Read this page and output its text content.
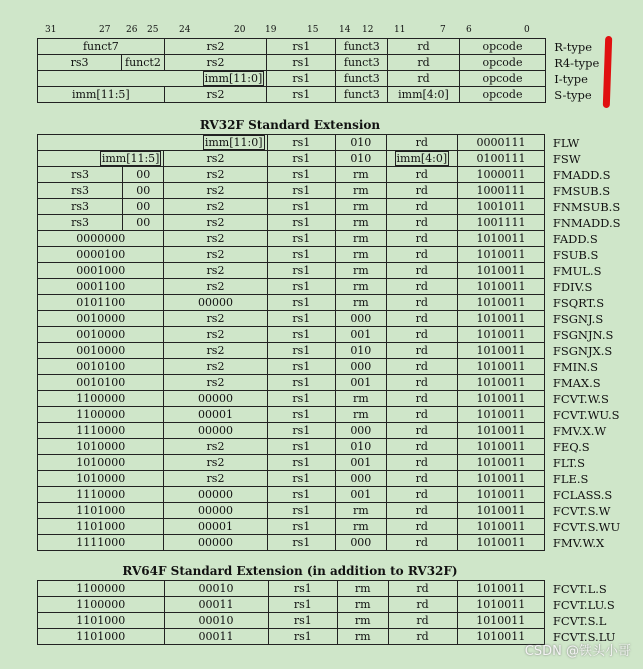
31	27 26 25 24	20 19	15 14 12 11	7 6	0
funct7		rs2	rs1	funct3	rd	opcode	R-type
rs3	funct2	rs2	rs1	funct3	rd	opcode	R4-type
imm[11:0]			rs1	funct3	rd	opcode	I-type
imm[11:5]		rs2	rs1	funct3	imm[4:0]	opcode	S-type
RV32F Standard Extension
imm[11:0]			rs1	010	rd	0000111	FLW
imm[11:5]		rs2	rs1	010	imm[4:0]	0100111	FSW
rs3	00	rs2	rs1	rm	rd	1000011	FMADD.S
rs3	00	rs2	rs1	rm	rd	1000111	FMSUB.S
rs3	00	rs2	rs1	rm	rd	1001011	FNMSUB.S
rs3	00	rs2	rs1	rm	rd	1001111	FNMADD.S
0000000		rs2	rs1	rm	rd	1010011	FADD.S
0000100		rs2	rs1	rm	rd	1010011	FSUB.S
0001000		rs2	rs1	rm	rd	1010011	FMUL.S
0001100		rs2	rs1	rm	rd	1010011	FDIV.S
0101100		00000	rs1	rm	rd	1010011	FSQRT.S
0010000		rs2	rs1	000	rd	1010011	FSGNJ.S
0010000		rs2	rs1	001	rd	1010011	FSGNJN.S
0010000		rs2	rs1	010	rd	1010011	FSGNJX.S
0010100		rs2	rs1	000	rd	1010011	FMIN.S
0010100		rs2	rs1	001	rd	1010011	FMAX.S
1100000		00000	rs1	rm	rd	1010011	FCVT.W.S
1100000		00001	rs1	rm	rd	1010011	FCVT.WU.S
1110000		00000	rs1	000	rd	1010011	FMV.X.W
1010000		rs2	rs1	010	rd	1010011	FEQ.S
1010000		rs2	rs1	001	rd	1010011	FLT.S
1010000		rs2	rs1	000	rd	1010011	FLE.S
1110000		00000	rs1	001	rd	1010011	FCLASS.S
1101000		00000	rs1	rm	rd	1010011	FCVT.S.W
1101000		00001	rs1	rm	rd	1010011	FCVT.S.WU
1111000		00000	rs1	000	rd	1010011	FMV.W.X
RV64F Standard Extension (in addition to RV32F)
1100000	00010	rs1	rm	rd	1010011	FCVT.L.S
1100000	00011	rs1	rm	rd	1010011	FCVT.LU.S
1101000	00010	rs1	rm	rd	1010011	FCVT.S.L
1101000	00011	rs1	rm	rd	1010011	FCVT.S.LU
CSDN @铁头小哥
